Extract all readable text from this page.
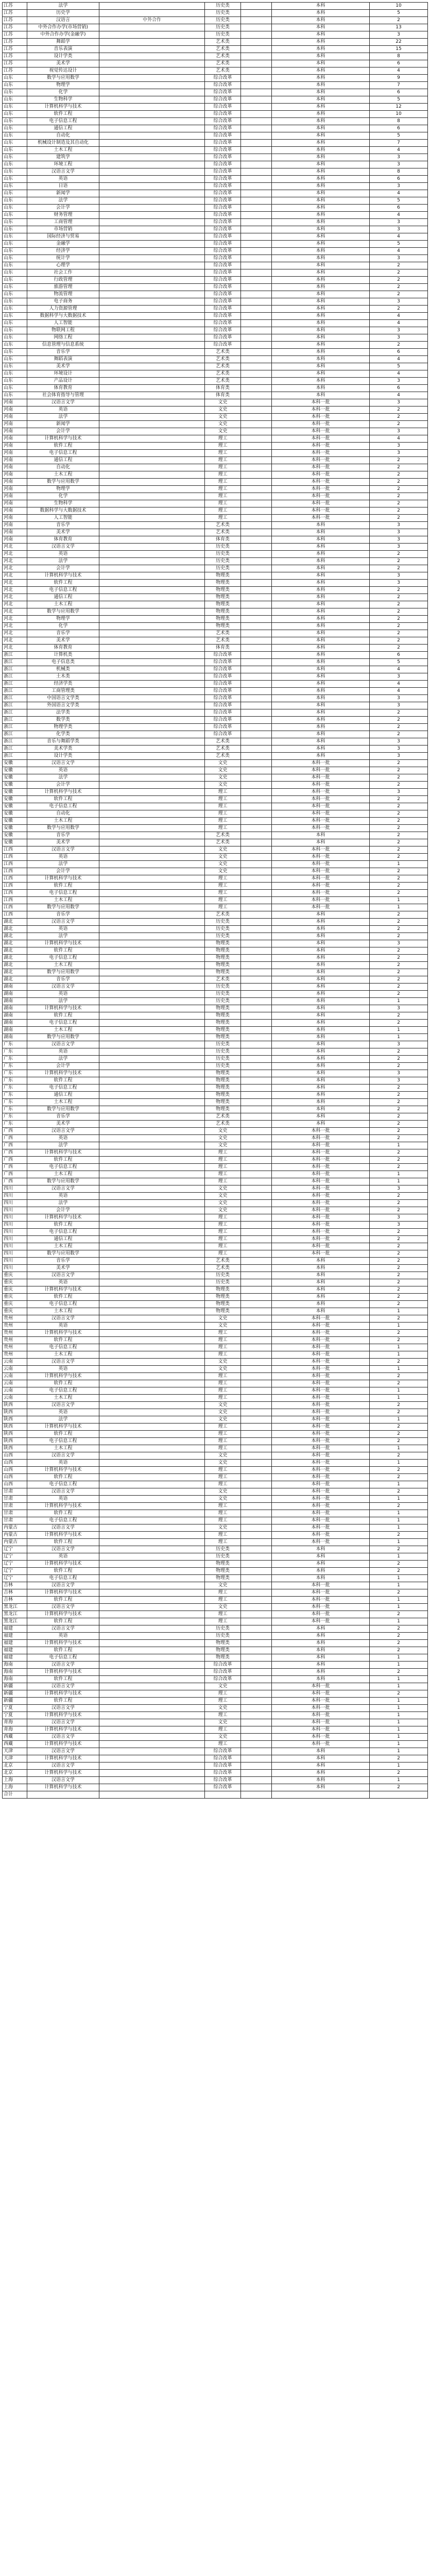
江苏	法学		历史类		本科	10
江苏	历史学		历史类		本科	5
江苏	汉语言	中外合作	历史类		本科	2
江苏	中外合作办学(市场营销)		历史类		本科	13
江苏	中外合作办学(金融学)		历史类		本科	3
江苏	舞蹈学		艺术类		本科	22
江苏	音乐表演		艺术类		本科	15
江苏	设计学类		艺术类		本科	8
江苏	美术学		艺术类		本科	6
江苏	视觉传达设计		艺术类		本科	4
山东	数学与应用数学		综合改革		本科	9
山东	物理学		综合改革		本科	7
山东	化学		综合改革		本科	6
山东	生物科学		综合改革		本科	5
山东	计算机科学与技术		综合改革		本科	12
山东	软件工程		综合改革		本科	10
山东	电子信息工程		综合改革		本科	8
山东	通信工程		综合改革		本科	6
山东	自动化		综合改革		本科	5
山东	机械设计制造及其自动化		综合改革		本科	7
山东	土木工程		综合改革		本科	4
山东	建筑学		综合改革		本科	3
山东	环境工程		综合改革		本科	3
山东	汉语言文学		综合改革		本科	8
山东	英语		综合改革		本科	6
山东	日语		综合改革		本科	3
山东	新闻学		综合改革		本科	4
山东	法学		综合改革		本科	5
山东	会计学		综合改革		本科	6
山东	财务管理		综合改革		本科	4
山东	工商管理		综合改革		本科	3
山东	市场营销		综合改革		本科	3
山东	国际经济与贸易		综合改革		本科	4
山东	金融学		综合改革		本科	5
山东	经济学		综合改革		本科	4
山东	统计学		综合改革		本科	3
山东	心理学		综合改革		本科	2
山东	社会工作		综合改革		本科	2
山东	行政管理		综合改革		本科	2
山东	旅游管理		综合改革		本科	2
山东	物流管理		综合改革		本科	2
山东	电子商务		综合改革		本科	3
山东	人力资源管理		综合改革		本科	2
山东	数据科学与大数据技术		综合改革		本科	4
山东	人工智能		综合改革		本科	4
山东	物联网工程		综合改革		本科	3
山东	网络工程		综合改革		本科	3
山东	信息管理与信息系统		综合改革		本科	2
山东	音乐学		艺术类		本科	6
山东	舞蹈表演		艺术类		本科	4
山东	美术学		艺术类		本科	5
山东	环境设计		艺术类		本科	4
山东	产品设计		艺术类		本科	3
山东	体育教育		体育类		本科	6
山东	社会体育指导与管理		体育类		本科	4
河南	汉语言文学		文史		本科一批	3
河南	英语		文史		本科一批	2
河南	法学		文史		本科一批	2
河南	新闻学		文史		本科一批	2
河南	会计学		文史		本科一批	3
河南	计算机科学与技术		理工		本科一批	4
河南	软件工程		理工		本科一批	3
河南	电子信息工程		理工		本科一批	3
河南	通信工程		理工		本科一批	2
河南	自动化		理工		本科一批	2
河南	土木工程		理工		本科一批	2
河南	数学与应用数学		理工		本科一批	2
河南	物理学		理工		本科一批	2
河南	化学		理工		本科一批	2
河南	生物科学		理工		本科一批	2
河南	数据科学与大数据技术		理工		本科一批	2
河南	人工智能		理工		本科一批	2
河南	音乐学		艺术类		本科	3
河南	美术学		艺术类		本科	3
河南	体育教育		体育类		本科	3
河北	汉语言文学		历史类		本科	3
河北	英语		历史类		本科	2
河北	法学		历史类		本科	2
河北	会计学		历史类		本科	2
河北	计算机科学与技术		物理类		本科	3
河北	软件工程		物理类		本科	3
河北	电子信息工程		物理类		本科	2
河北	通信工程		物理类		本科	2
河北	土木工程		物理类		本科	2
河北	数学与应用数学		物理类		本科	2
河北	物理学		物理类		本科	2
河北	化学		物理类		本科	2
河北	音乐学		艺术类		本科	2
河北	美术学		艺术类		本科	2
河北	体育教育		体育类		本科	2
浙江	计算机类		综合改革		本科	6
浙江	电子信息类		综合改革		本科	5
浙江	机械类		综合改革		本科	4
浙江	土木类		综合改革		本科	3
浙江	经济学类		综合改革		本科	4
浙江	工商管理类		综合改革		本科	4
浙江	中国语言文学类		综合改革		本科	3
浙江	外国语言文学类		综合改革		本科	3
浙江	法学类		综合改革		本科	2
浙江	数学类		综合改革		本科	2
浙江	物理学类		综合改革		本科	2
浙江	化学类		综合改革		本科	2
浙江	音乐与舞蹈学类		艺术类		本科	3
浙江	美术学类		艺术类		本科	3
浙江	设计学类		艺术类		本科	3
安徽	汉语言文学		文史		本科一批	2
安徽	英语		文史		本科一批	2
安徽	法学		文史		本科一批	2
安徽	会计学		文史		本科一批	2
安徽	计算机科学与技术		理工		本科一批	3
安徽	软件工程		理工		本科一批	2
安徽	电子信息工程		理工		本科一批	2
安徽	自动化		理工		本科一批	2
安徽	土木工程		理工		本科一批	2
安徽	数学与应用数学		理工		本科一批	2
安徽	音乐学		艺术类		本科	2
安徽	美术学		艺术类		本科	2
江西	汉语言文学		文史		本科一批	2
江西	英语		文史		本科一批	2
江西	法学		文史		本科一批	1
江西	会计学		文史		本科一批	2
江西	计算机科学与技术		理工		本科一批	2
江西	软件工程		理工		本科一批	2
江西	电子信息工程		理工		本科一批	2
江西	土木工程		理工		本科一批	1
江西	数学与应用数学		理工		本科一批	1
江西	音乐学		艺术类		本科	2
湖北	汉语言文学		历史类		本科	2
湖北	英语		历史类		本科	2
湖北	法学		历史类		本科	2
湖北	计算机科学与技术		物理类		本科	3
湖北	软件工程		物理类		本科	2
湖北	电子信息工程		物理类		本科	2
湖北	土木工程		物理类		本科	2
湖北	数学与应用数学		物理类		本科	2
湖北	音乐学		艺术类		本科	2
湖南	汉语言文学		历史类		本科	2
湖南	英语		历史类		本科	2
湖南	法学		历史类		本科	1
湖南	计算机科学与技术		物理类		本科	3
湖南	软件工程		物理类		本科	2
湖南	电子信息工程		物理类		本科	2
湖南	土木工程		物理类		本科	1
湖南	数学与应用数学		物理类		本科	1
广东	汉语言文学		历史类		本科	3
广东	英语		历史类		本科	2
广东	法学		历史类		本科	2
广东	会计学		历史类		本科	2
广东	计算机科学与技术		物理类		本科	3
广东	软件工程		物理类		本科	3
广东	电子信息工程		物理类		本科	2
广东	通信工程		物理类		本科	2
广东	土木工程		物理类		本科	2
广东	数学与应用数学		物理类		本科	2
广东	音乐学		艺术类		本科	2
广东	美术学		艺术类		本科	2
广西	汉语言文学		文史		本科一批	2
广西	英语		文史		本科一批	2
广西	法学		文史		本科一批	1
广西	计算机科学与技术		理工		本科一批	2
广西	软件工程		理工		本科一批	2
广西	电子信息工程		理工		本科一批	2
广西	土木工程		理工		本科一批	1
广西	数学与应用数学		理工		本科一批	1
四川	汉语言文学		文史		本科一批	3
四川	英语		文史		本科一批	2
四川	法学		文史		本科一批	2
四川	会计学		文史		本科一批	2
四川	计算机科学与技术		理工		本科一批	3
四川	软件工程		理工		本科一批	3
四川	电子信息工程		理工		本科一批	2
四川	通信工程		理工		本科一批	2
四川	土木工程		理工		本科一批	2
四川	数学与应用数学		理工		本科一批	2
四川	音乐学		艺术类		本科	2
四川	美术学		艺术类		本科	2
重庆	汉语言文学		历史类		本科	2
重庆	英语		历史类		本科	2
重庆	计算机科学与技术		物理类		本科	2
重庆	软件工程		物理类		本科	2
重庆	电子信息工程		物理类		本科	2
重庆	土木工程		物理类		本科	1
贵州	汉语言文学		文史		本科一批	2
贵州	英语		文史		本科一批	1
贵州	计算机科学与技术		理工		本科一批	2
贵州	软件工程		理工		本科一批	2
贵州	电子信息工程		理工		本科一批	1
贵州	土木工程		理工		本科一批	1
云南	汉语言文学		文史		本科一批	2
云南	英语		文史		本科一批	1
云南	计算机科学与技术		理工		本科一批	2
云南	软件工程		理工		本科一批	2
云南	电子信息工程		理工		本科一批	1
云南	土木工程		理工		本科一批	1
陕西	汉语言文学		文史		本科一批	2
陕西	英语		文史		本科一批	2
陕西	法学		文史		本科一批	1
陕西	计算机科学与技术		理工		本科一批	2
陕西	软件工程		理工		本科一批	2
陕西	电子信息工程		理工		本科一批	2
陕西	土木工程		理工		本科一批	1
山西	汉语言文学		文史		本科一批	2
山西	英语		文史		本科一批	1
山西	计算机科学与技术		理工		本科一批	2
山西	软件工程		理工		本科一批	2
山西	电子信息工程		理工		本科一批	1
甘肃	汉语言文学		文史		本科一批	2
甘肃	英语		文史		本科一批	1
甘肃	计算机科学与技术		理工		本科一批	2
甘肃	软件工程		理工		本科一批	1
甘肃	电子信息工程		理工		本科一批	1
内蒙古	汉语言文学		文史		本科一批	1
内蒙古	计算机科学与技术		理工		本科一批	2
内蒙古	软件工程		理工		本科一批	1
辽宁	汉语言文学		历史类		本科	2
辽宁	英语		历史类		本科	1
辽宁	计算机科学与技术		物理类		本科	2
辽宁	软件工程		物理类		本科	2
辽宁	电子信息工程		物理类		本科	1
吉林	汉语言文学		文史		本科一批	1
吉林	计算机科学与技术		理工		本科一批	2
吉林	软件工程		理工		本科一批	1
黑龙江	汉语言文学		文史		本科一批	1
黑龙江	计算机科学与技术		理工		本科一批	2
黑龙江	软件工程		理工		本科一批	1
福建	汉语言文学		历史类		本科	2
福建	英语		历史类		本科	2
福建	计算机科学与技术		物理类		本科	2
福建	软件工程		物理类		本科	2
福建	电子信息工程		物理类		本科	1
海南	汉语言文学		综合改革		本科	1
海南	计算机科学与技术		综合改革		本科	2
海南	软件工程		综合改革		本科	1
新疆	汉语言文学		文史		本科一批	1
新疆	计算机科学与技术		理工		本科一批	2
新疆	软件工程		理工		本科一批	1
宁夏	汉语言文学		文史		本科一批	1
宁夏	计算机科学与技术		理工		本科一批	1
青海	汉语言文学		文史		本科一批	1
青海	计算机科学与技术		理工		本科一批	1
西藏	汉语言文学		文史		本科一批	1
西藏	计算机科学与技术		理工		本科一批	1
天津	汉语言文学		综合改革		本科	1
天津	计算机科学与技术		综合改革		本科	2
北京	汉语言文学		综合改革		本科	1
北京	计算机科学与技术		综合改革		本科	2
上海	汉语言文学		综合改革		本科	1
上海	计算机科学与技术		综合改革		本科	2
合计						
